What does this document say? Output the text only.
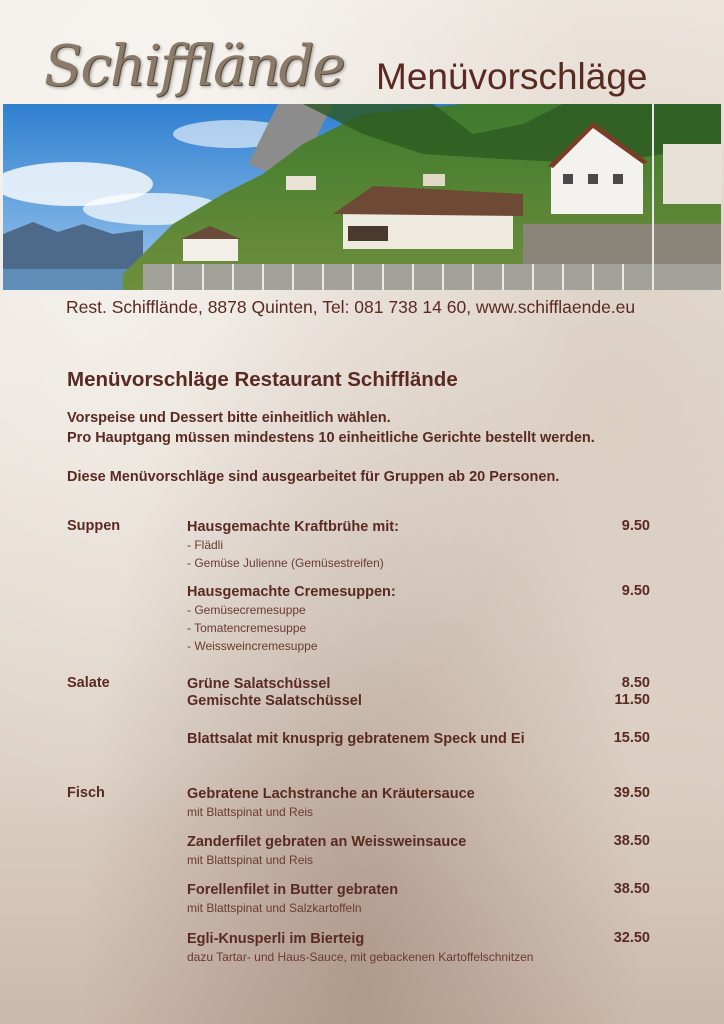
Schifflände Menüvorschläge
Rest. Schifflände, 8878 Quinten, Tel: 081 738 14 60, www.schifflaende.eu
Menüvorschläge Restaurant Schifflände

Vorspeise und Dessert bitte einheitlich wählen.

Pro Hauptgang müssen mindestens 10 einheitliche Gerichte bestellt werden.

Diese Menüvorschläge sind ausgearbeitet für Gruppen ab 20 Personen.

Suppen	Hausgemachte Kraftbrühe mit:	9.50
- Flädli
- Gemüse Julienne (Gemüsestreifen)
Hausgemachte Cremesuppen:	9.50
- Gemüsecremesuppe
- Tomatencremesuppe
- Weissweincremesuppe
Salate	Grüne Salatschüssel	8.50
Gemischte Salatschüssel	11.50
Blattsalat mit knusprig gebratenem Speck und Ei	15.50
Fisch	Gebratene Lachstranche an Kräutersauce	39.50
mit Blattspinat und Reis
Zanderfilet gebraten an Weissweinsauce	38.50
mit Blattspinat und Reis
Forellenfilet in Butter gebraten	38.50
mit Blattspinat und Salzkartoffeln
Egli-Knusperli im Bierteig	32.50
dazu Tartar- und Haus-Sauce, mit gebackenen Kartoffelschnitzen
